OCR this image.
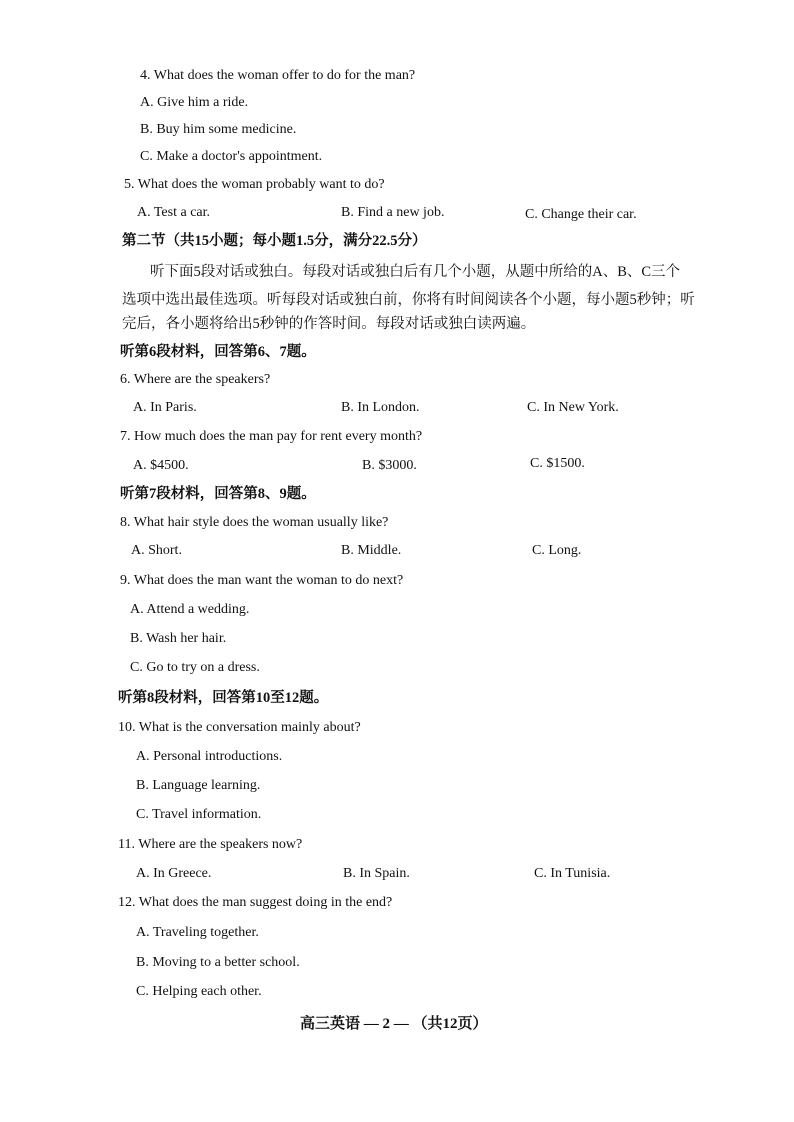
4. What does the woman offer to do for the man?
A. Give him a ride.
B. Buy him some medicine.
C. Make a doctor's appointment.
5. What does the woman probably want to do?
A. Test a car.	B. Find a new job.	C. Change their car.
第二节（共15小题；每小题1.5分，满分22.5分）
听下面5段对话或独白。每段对话或独白后有几个小题，从题中所给的A、B、C三个
选项中选出最佳选项。听每段对话或独白前，你将有时间阅读各个小题，每小题5秒钟；听
完后，各小题将给出5秒钟的作答时间。每段对话或独白读两遍。
听第6段材料，回答第6、7题。
6. Where are the speakers?
A. In Paris.	B. In London.	C. In New York.
7. How much does the man pay for rent every month?
A. $4500.	B. $3000.	C. $1500.
听第7段材料，回答第8、9题。
8. What hair style does the woman usually like?
A. Short.	B. Middle.	C. Long.
9. What does the man want the woman to do next?
A. Attend a wedding.
B. Wash her hair.
C. Go to try on a dress.
听第8段材料，回答第10至12题。
10. What is the conversation mainly about?
A. Personal introductions.
B. Language learning.
C. Travel information.
11. Where are the speakers now?
A. In Greece.	B. In Spain.	C. In Tunisia.
12. What does the man suggest doing in the end?
A. Traveling together.
B. Moving to a better school.
C. Helping each other.
高三英语 — 2 — （共12页）
